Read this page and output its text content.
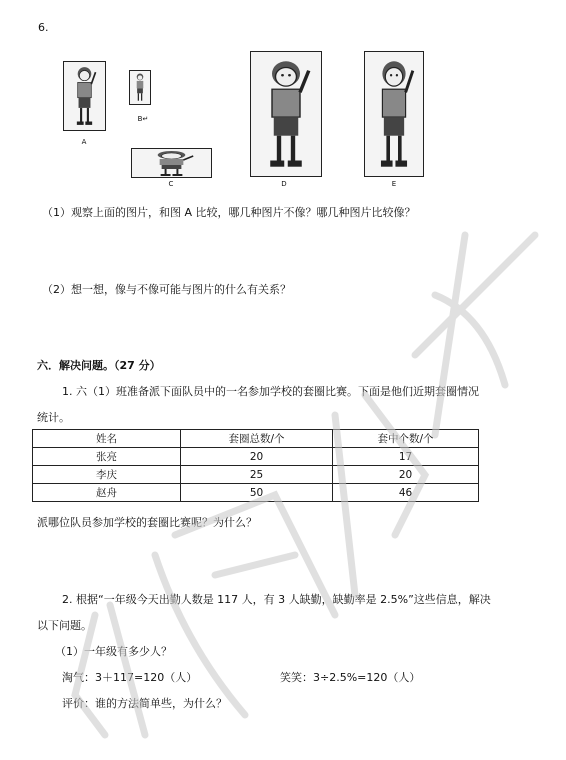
6.
A
B↵
C	D	E
（1）观察上面的图片，和图 A 比较，哪几种图片不像？哪几种图片比较像？
（2）想一想，像与不像可能与图片的什么有关系？
六．解决问题。（27 分）
1. 六（1）班准备派下面队员中的一名参加学校的套圈比赛。下面是他们近期套圈情况
统计。
姓名	套圈总数/个	套中个数/个
张亮	20	17
李庆	25	20
赵舟	50	46
派哪位队员参加学校的套圈比赛呢？为什么？
2. 根据“一年级今天出勤人数是 117 人，有 3 人缺勤，缺勤率是 2.5%”这些信息，解决
以下问题。
（1）一年级有多少人？
淘气：3＋117=120（人）	笑笑：3÷2.5%=120（人）
评价：谁的方法简单些，为什么？
